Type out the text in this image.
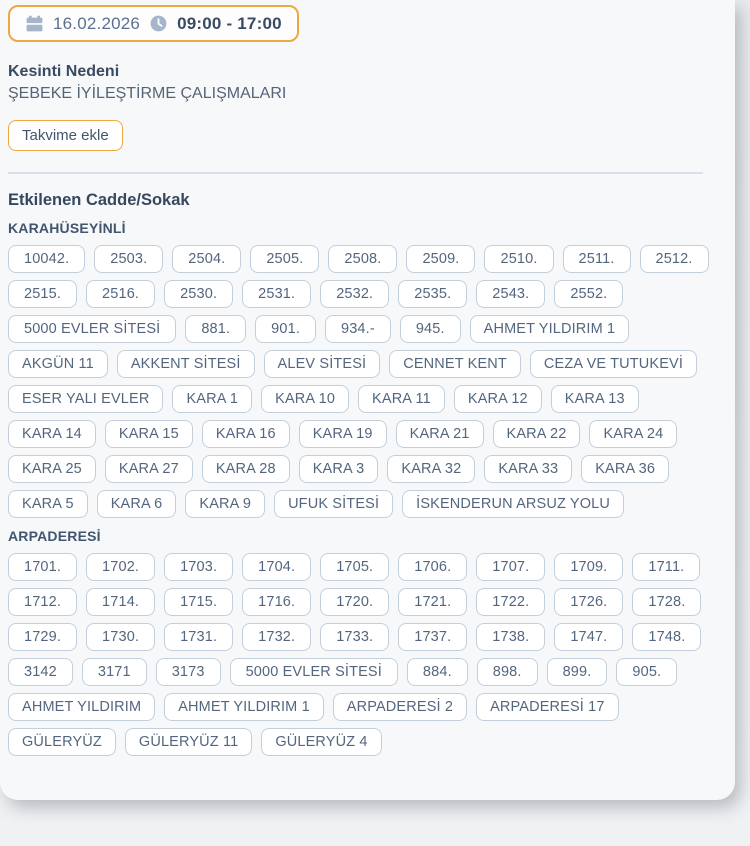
16.02.2026 09:00 - 17:00
Kesinti Nedeni
ŞEBEKE İYİLEŞTİRME ÇALIŞMALARI
Takvime ekle
Etkilenen Cadde/Sokak
KARAHÜSEYİNLİ
10042.	2503.	2504.	2505.	2508.	2509.	2510.	2511.	2512.
2515.	2516.	2530.	2531.	2532.	2535.	2543.	2552.
5000 EVLER SİTESİ	881.	901.	934.-	945.	AHMET YILDIRIM 1
AKGÜN 11	AKKENT SİTESİ	ALEV SİTESİ	CENNET KENT	CEZA VE TUTUKEVİ
ESER YALI EVLER	KARA 1	KARA 10	KARA 11	KARA 12	KARA 13
KARA 14	KARA 15	KARA 16	KARA 19	KARA 21	KARA 22	KARA 24
KARA 25	KARA 27	KARA 28	KARA 3	KARA 32	KARA 33	KARA 36
KARA 5	KARA 6	KARA 9	UFUK SİTESİ	İSKENDERUN ARSUZ YOLU
ARPADERESİ
1701.	1702.	1703.	1704.	1705.	1706.	1707.	1709.	1711.
1712.	1714.	1715.	1716.	1720.	1721.	1722.	1726.	1728.
1729.	1730.	1731.	1732.	1733.	1737.	1738.	1747.	1748.
3142	3171	3173	5000 EVLER SİTESİ	884.	898.	899.	905.
AHMET YILDIRIM	AHMET YILDIRIM 1	ARPADERESİ 2	ARPADERESİ 17
GÜLERYÜZ	GÜLERYÜZ 11	GÜLERYÜZ 4
